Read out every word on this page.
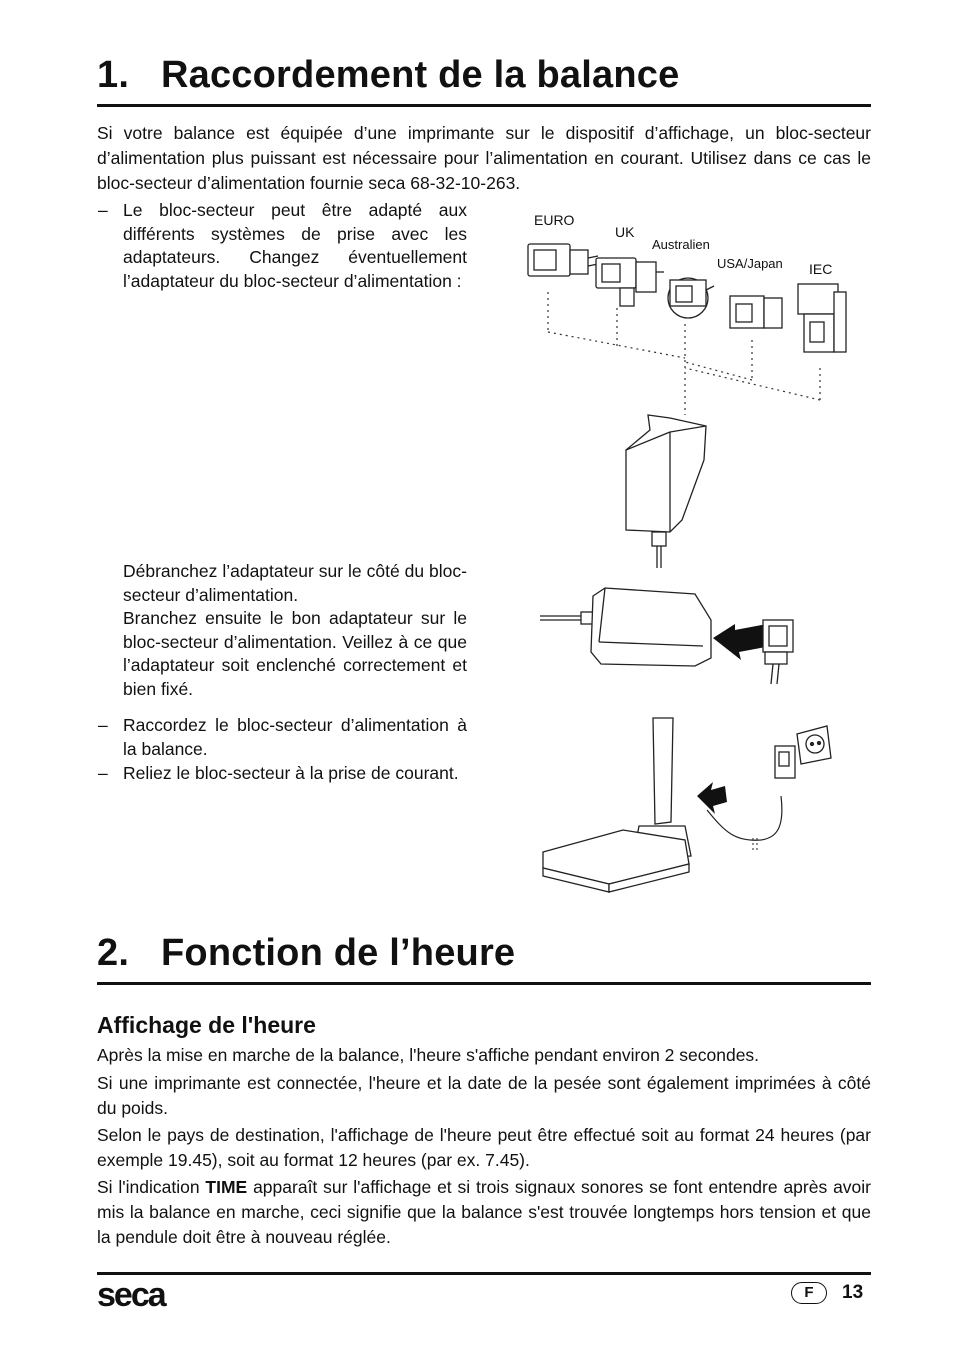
1. Raccordement de la balance

Si votre balance est équipée d’une imprimante sur le dispositif d’affichage, un bloc-secteur d’alimentation plus puissant est nécessaire pour l’alimentation en courant. Utilisez dans ce cas le bloc-secteur d’alimentation fournie seca 68-32-10-263.

– Le bloc-secteur peut être adapté aux différents systèmes de prise avec les adaptateurs. Changez éventuellement l’adaptateur du bloc-secteur d’alimentation :
Débranchez l’adaptateur sur le côté du bloc-secteur d’alimentation.
Branchez ensuite le bon adaptateur sur le bloc-secteur d’alimentation. Veillez à ce que l’adaptateur soit enclenché correctement et bien fixé.
– Raccordez le bloc-secteur d’alimentation à la balance.
– Reliez le bloc-secteur à la prise de courant.
EURO
UK
Australien
USA/Japan IEC
2. Fonction de l’heure
Affichage de l'heure

Après la mise en marche de la balance, l'heure s'affiche pendant environ 2 secondes.

Si une imprimante est connectée, l'heure et la date de la pesée sont également imprimées à côté du poids.

Selon le pays de destination, l'affichage de l'heure peut être effectué soit au format 24 heures (par exemple 19.45), soit au format 12 heures (par ex. 7.45).

Si l'indication TIME apparaît sur l'affichage et si trois signaux sonores se font entendre après avoir mis la balance en marche, ceci signifie que la balance s'est trouvée longtemps hors tension et que la pendule doit être à nouveau réglée.

seca	F	13
